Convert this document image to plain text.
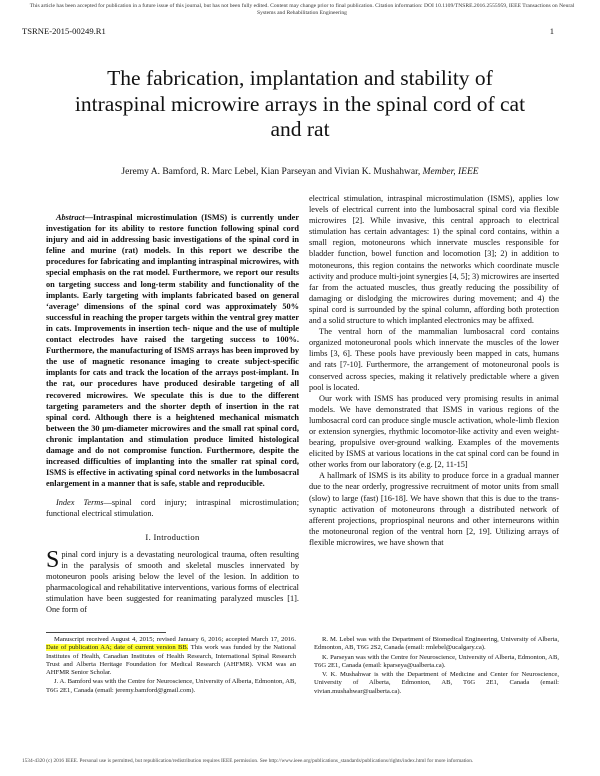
This article has been accepted for publication in a future issue of this journal, but has not been fully edited. Content may change prior to final publication. Citation information: DOI 10.1109/TNSRE.2016.2555959, IEEE Transactions on Neural Systems and Rehabilitation Engineering
TSRNE-2015-00249.R1	1
The fabrication, implantation and stability of intraspinal microwire arrays in the spinal cord of cat and rat
Jeremy A. Bamford, R. Marc Lebel, Kian Parseyan and Vivian K. Mushahwar, Member, IEEE

Abstract—Intraspinal microstimulation (ISMS) is currently under investigation for its ability to restore function following spinal cord injury and aid in addressing basic investigations of the spinal cord in feline and murine (rat) models. In this report we describe the procedures for fabricating and implanting intraspinal microwires, with special emphasis on the rat model. Furthermore, we report our results on targeting success and long-term stability and functionality of the implants. Early targeting with implants fabricated based on general ‘average’ dimensions of the spinal cord was approximately 50% successful in reaching the proper targets within the ventral grey matter in cats. Improvements in insertion tech- nique and the use of multiple contact electrodes have raised the targeting success to 100%. Furthermore, the manufacturing of ISMS arrays has been improved by the use of magnetic resonance imaging to create subject-specific implants for cats and track the location of the arrays post-implant. In the rat, our procedures have produced desirable targeting of all recovered microwires. We speculate this is due to the different targeting parameters and the shorter depth of insertion in the rat spinal cord. Although there is a heightened mechanical mismatch between the 30 μm-diameter microwires and the small rat spinal cord, chronic implantation and stimulation produce limited histological damage and do not compromise function. Furthermore, despite the increased difficulties of implanting into the smaller rat spinal cord, ISMS is effective in activating spinal cord networks in the lumbosacral enlargement in a manner that is safe, stable and reproducible.

Index Terms—spinal cord injury; intraspinal microstimulation; functional electrical stimulation.

I. Introduction

Spinal cord injury is a devastating neurological trauma, often resulting in the paralysis of smooth and skeletal muscles innervated by motoneuron pools arising below the level of the lesion. In addition to pharmacological and rehabilitative interventions, various forms of electrical stimulation have been suggested for reanimating paralyzed muscles [1]. One form of

electrical stimulation, intraspinal microstimulation (ISMS), applies low levels of electrical current into the lumbosacral spinal cord via flexible microwires [2]. While invasive, this central approach to electrical stimulation has certain advantages: 1) the spinal cord contains, within a small region, motoneurons which innervate muscles responsible for bladder function, bowel function and locomotion [3]; 2) in addition to motoneurons, this region contains the networks which coordinate muscle activity and produce multi-joint synergies [4, 5]; 3) microwires are inserted far from the actuated muscles, thus greatly reducing the possibility of damaging or dislodging the microwires during movement; and 4) the spinal cord is surrounded by the spinal column, affording both protection and a solid structure to which implanted electronics may be affixed.

The ventral horn of the mammalian lumbosacral cord contains organized motoneuronal pools which innervate the muscles of the lower limbs [3, 6]. These pools have previously been mapped in cats, humans and rats [7-10]. Furthermore, the arrangement of motoneuronal pools is conserved across species, making it relatively predictable where a given pool is located.

Our work with ISMS has produced very promising results in animal models. We have demonstrated that ISMS in various regions of the lumbosacral cord can produce single muscle activation, whole-limb flexion or extension synergies, rhythmic locomotor-like activity and even weight-bearing, propulsive over-ground walking. Examples of the movements elicited by ISMS at various locations in the cat spinal cord can be found in other works from our laboratory (e.g. [2, 11-15]

A hallmark of ISMS is its ability to produce force in a gradual manner due to the near orderly, progressive recruitment of motor units from small (slow) to large (fast) [16-18]. We have shown that this is due to the trans-synaptic activation of motoneurons through a distributed network of afferent projections, propriospinal neurons and other interneurons within the motoneuronal region of the ventral horn [2, 19]. Utilizing arrays of flexible microwires, we have shown that

Manuscript received August 4, 2015; revised January 6, 2016; accepted March 17, 2016. Date of publication AA; date of current version BB. This work was funded by the National Institutes of Health, Canadian Institutes of Health Research, International Spinal Research Trust and Alberta Heritage Foundation for Medical Research (AHFMR). VKM was an AHFMR Senior Scholar.

J. A. Bamford was with the Centre for Neuroscience, University of Alberta, Edmonton, AB, T6G 2E1, Canada (email: jeremy.bamford@gmail.com).

R. M. Lebel was with the Department of Biomedical Engineering, University of Alberta, Edmonton, AB, T6G 2S2, Canada (email: rmlebel@ucalgary.ca).

K. Parseyan was with the Centre for Neuroscience, University of Alberta, Edmonton, AB, T6G 2E1, Canada (email: kparseya@ualberta.ca).

V. K. Mushahwar is with the Department of Medicine and Center for Neuroscience, University of Alberta, Edmonton, AB, T6G 2E1, Canada (email: vivian.mushahwar@ualberta.ca).

1534-4320 (c) 2016 IEEE. Personal use is permitted, but republication/redistribution requires IEEE permission. See http://www.ieee.org/publications_standards/publications/rights/index.html for more information.
